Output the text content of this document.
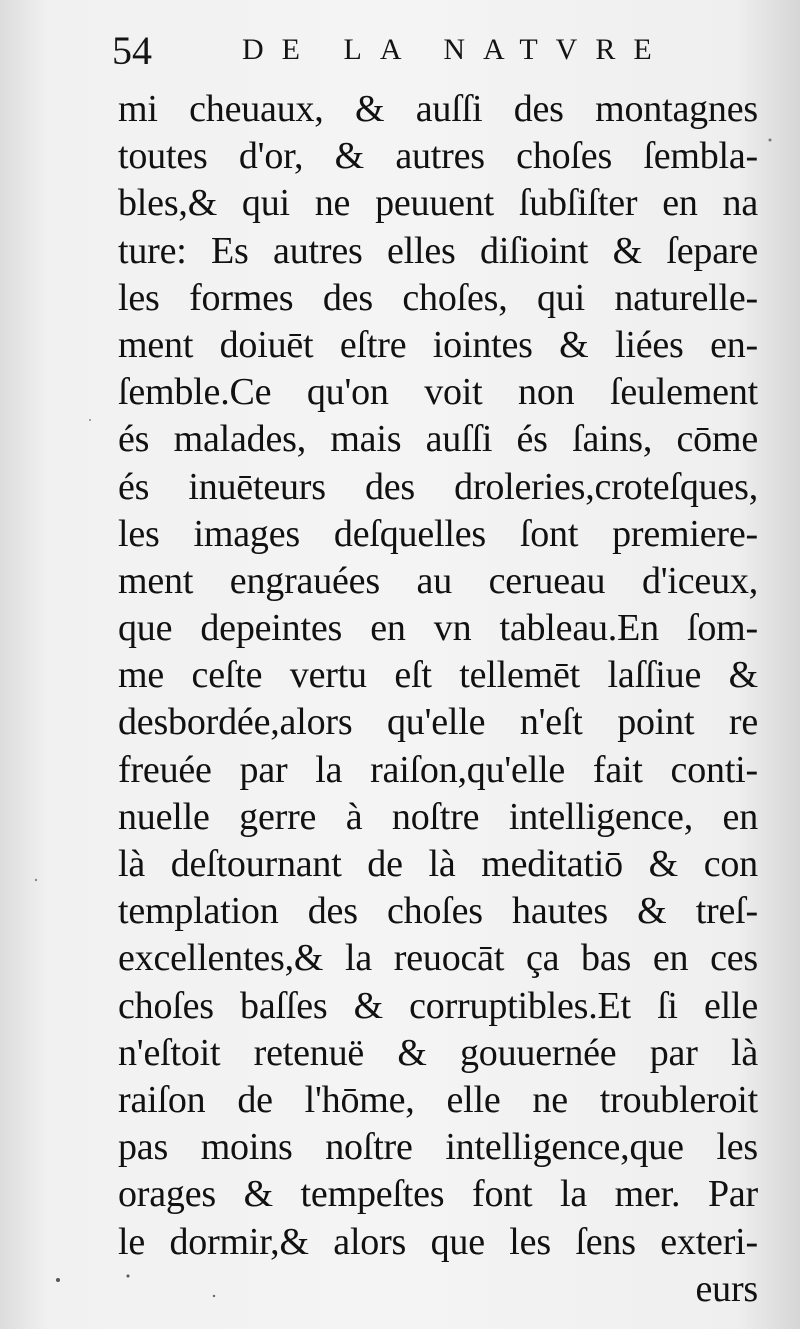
54	DE LA NATVRE
mi cheuaux, & auſſi des montagnes
toutes d'or, & autres choſes ſembla-
bles,& qui ne peuuent ſubſiſter en na
ture: Es autres elles diſioint & ſepare
les formes des choſes, qui naturelle-
ment doiuēt eſtre iointes & liées en-
ſemble.Ce qu'on voit non ſeulement
és malades, mais auſſi és ſains, cōme
és inuēteurs des droleries,croteſques,
les images deſquelles ſont premiere-
ment engrauées au cerueau d'iceux,
que depeintes en vn tableau.En ſom-
me ceſte vertu eſt tellemēt laſſiue &
desbordée,alors qu'elle n'eſt point re
freuée par la raiſon,qu'elle fait conti-
nuelle gerre à noſtre intelligence, en
là deſtournant de là meditatiō & con
templation des choſes hautes & treſ-
excellentes,& la reuocāt ça bas en ces
choſes baſſes & corruptibles.Et ſi elle
n'eſtoit retenuë & gouuernée par là
raiſon de l'hōme, elle ne troubleroit
pas moins noſtre intelligence,que les
orages & tempeſtes font la mer. Par
le dormir,& alors que les ſens exteri-
eurs
